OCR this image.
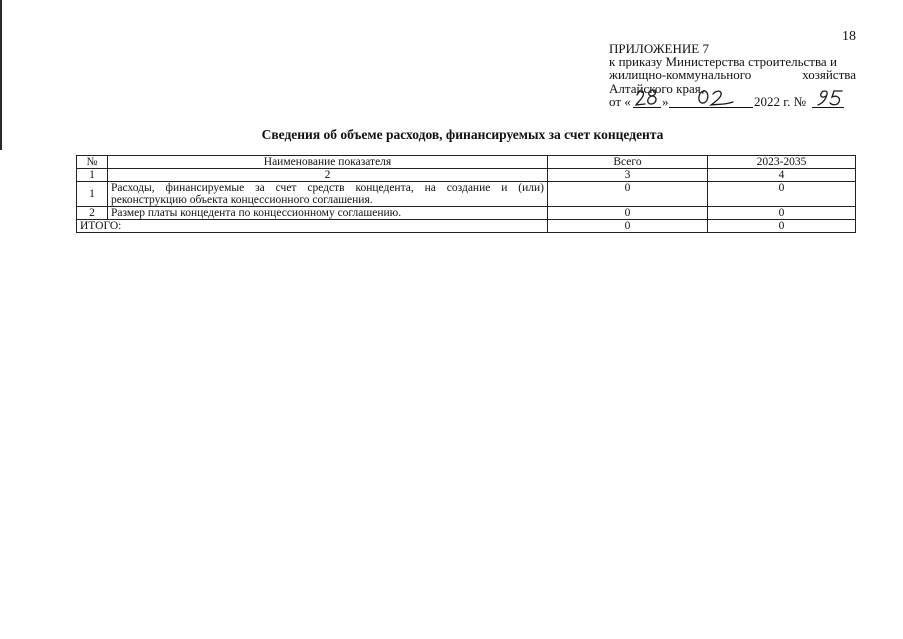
18
ПРИЛОЖЕНИЕ 7
к приказу Министерства строительства и
жилищно-коммунального	хозяйства
Алтайского края
от « »	2022 г. №
Сведения об объеме расходов, финансируемых за счет концедента
№	Наименование показателя	Всего	2023-2035
1	2	3	4
1	Расходы, финансируемые за счет средств концедента, на создание и (или) реконструкцию объекта концессионного соглашения.	0	0
2	Размер платы концедента по концессионному соглашению.	0	0
ИТОГО:		0	0
